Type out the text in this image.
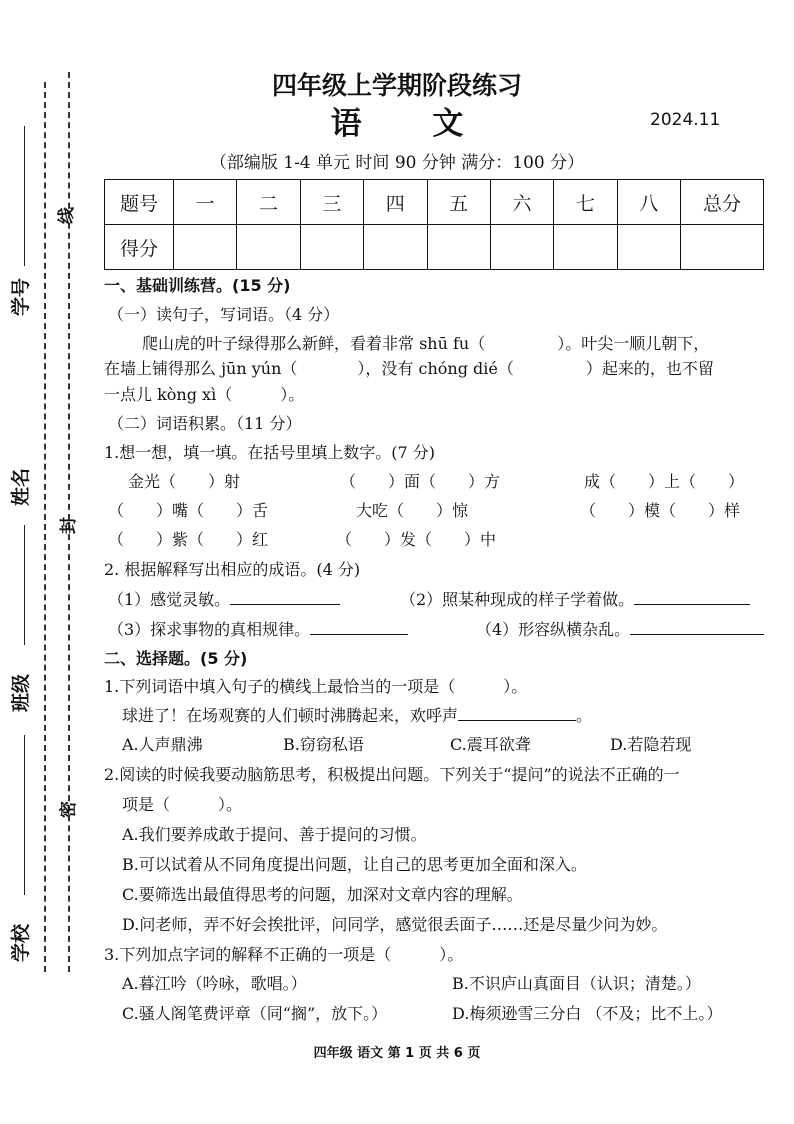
学号
姓名
班级
学校
线
封
密
四年级上学期阶段练习
语 文	2024.11
（部编版 1-4 单元 时间 90 分钟 满分：100 分）
题号	一	二	三	四	五	六	七	八	总分
得分									
一、基础训练营。(15 分)
（一）读句子，写词语。（4 分）
爬山虎的叶子绿得那么新鲜，看着非常 shū fu（	）。叶尖一顺儿朝下，
在墙上铺得那么 jūn yún（	），没有 chóng dié（	）起来的，也不留
一点儿 kòng xì（　　　）。
（二）词语积累。（11 分）
1.想一想，填一填。在括号里填上数字。(7 分)
金光（　　）射	（　　）面（　　）方	成（　　）上（　　）
（　　）嘴（　　）舌	大吃（　　）惊	（　　）模（　　）样
（　　）紫（　　）红	（　　）发（　　）中
2. 根据解释写出相应的成语。(4 分)
（1）感觉灵敏。	（2）照某种现成的样子学着做。
（3）探求事物的真相规律。	（4）形容纵横杂乱。
二、选择题。(5 分)
1.下列词语中填入句子的横线上最恰当的一项是（　　　）。
球进了！在场观赛的人们顿时沸腾起来，欢呼声	。
A.人声鼎沸	B.窃窃私语	C.震耳欲聋	D.若隐若现
2.阅读的时候我要动脑筋思考，积极提出问题。下列关于“提问”的说法不正确的一
项是（　　　）。
A.我们要养成敢于提问、善于提问的习惯。
B.可以试着从不同角度提出问题，让自己的思考更加全面和深入。
C.要筛选出最值得思考的问题，加深对文章内容的理解。
D.问老师，弄不好会挨批评，问同学，感觉很丢面子……还是尽量少问为妙。
3.下列加点字词的解释不正确的一项是（　　　）。
A.暮江吟（吟咏，歌唱。）	B.不识庐山真面目（认识；清楚。）
C.骚人阁笔费评章（同“搁”，放下。）	D.梅须逊雪三分白 （不及；比不上。）
四年级 语文 第 1 页 共 6 页
